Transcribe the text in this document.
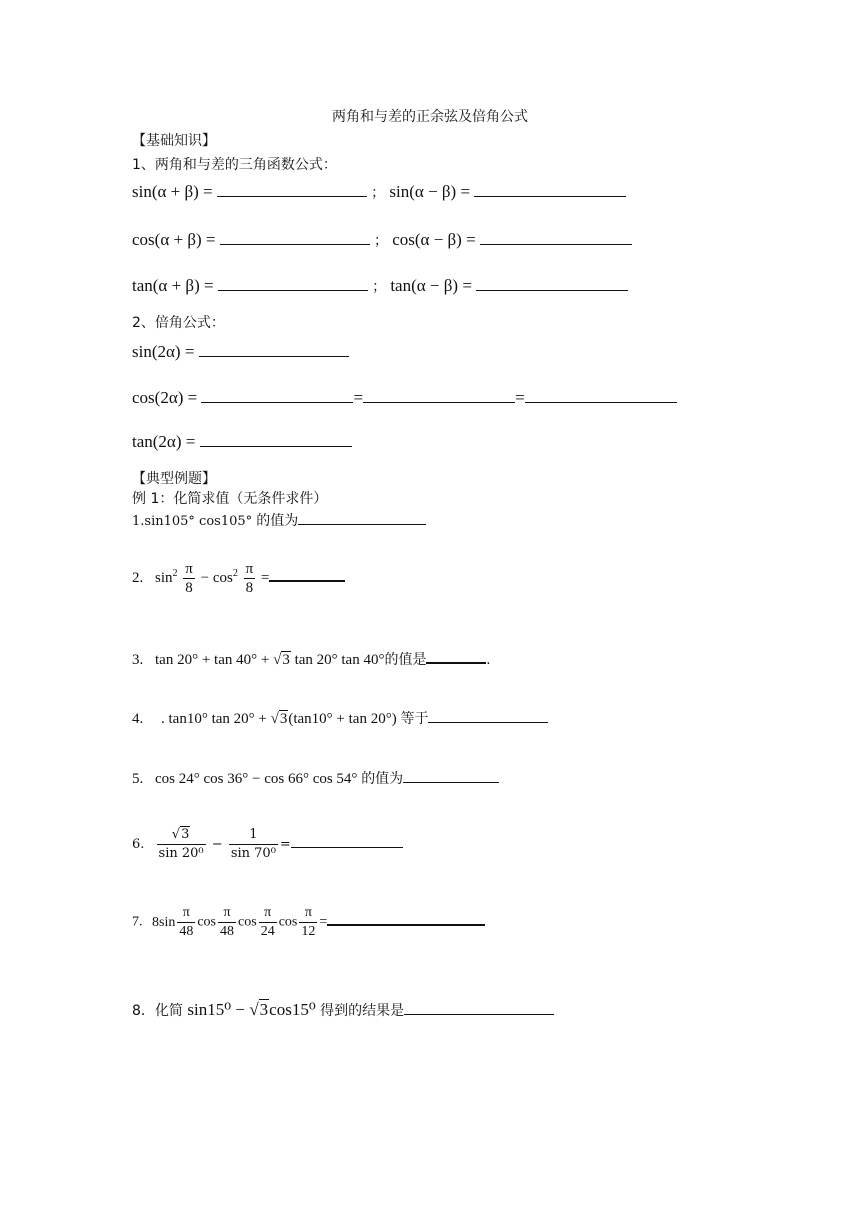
两角和与差的正余弦及倍角公式
【基础知识】
1、两角和与差的三角函数公式：
sin(α + β) =	； sin(α − β) =
cos(α + β) =	； cos(α − β) =
tan(α + β) =	； tan(α − β) =
2、倍角公式：
sin(2α) =
cos(2α) =	=	=
tan(2α) =
【典型例题】
例 1：化简求值（无条件求件）
1.sin105° cos105° 的值为
2. $\sin^2 \frac{\pi}{8} - \cos^2 \frac{\pi}{8}$ =
3. tan 20° + tan 40° + √3 tan 20° tan 40°的值是	.
4. . tan10° tan 20° + √3(tan10° + tan 20°) 等于
5. cos 24° cos 36° − cos 66° cos 54° 的值为
6. $\frac{√3}{\text{sin 20⁰}} - \frac{1}{\text{sin 70⁰}}$ =
7. $8\sin \frac{\pi}{48}$ $\cos \frac{\pi}{48}$ $\cos \frac{\pi}{24}$ $\cos \frac{\pi}{12}$ =
8．化简 sin15⁰ − √3cos15⁰ 得到的结果是
